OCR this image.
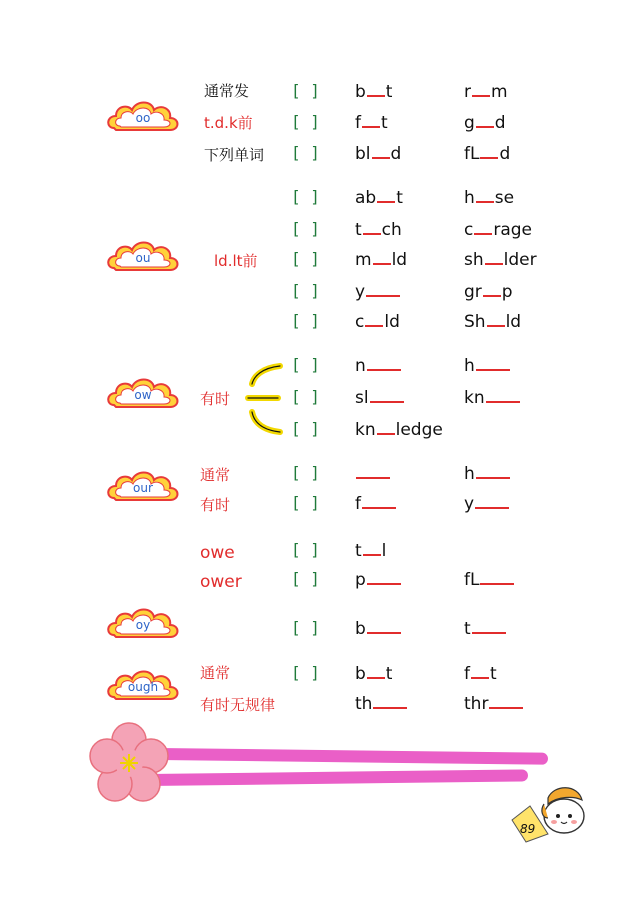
oo
ou
ow
our
oy
ough
通常发
t.d.k前
下列单词
[ ] b t	r m
[ ] f t	g d
[ ] bl d	fL d
ld.lt前
[ ] ab t	h se
[ ] t ch	c rage
[ ] m ld	sh lder
[ ] y	gr p
[ ] c ld	Sh ld
有时
[ ] n	h
[ ] sl	kn
[ ] kn ledge
通常
有时
[ ]	h
[ ] f	y
owe
ower
[ ] t l
[ ] p	fL
[ ] b	t
通常
有时无规律
[ ] b t	f t
th	thr
89
